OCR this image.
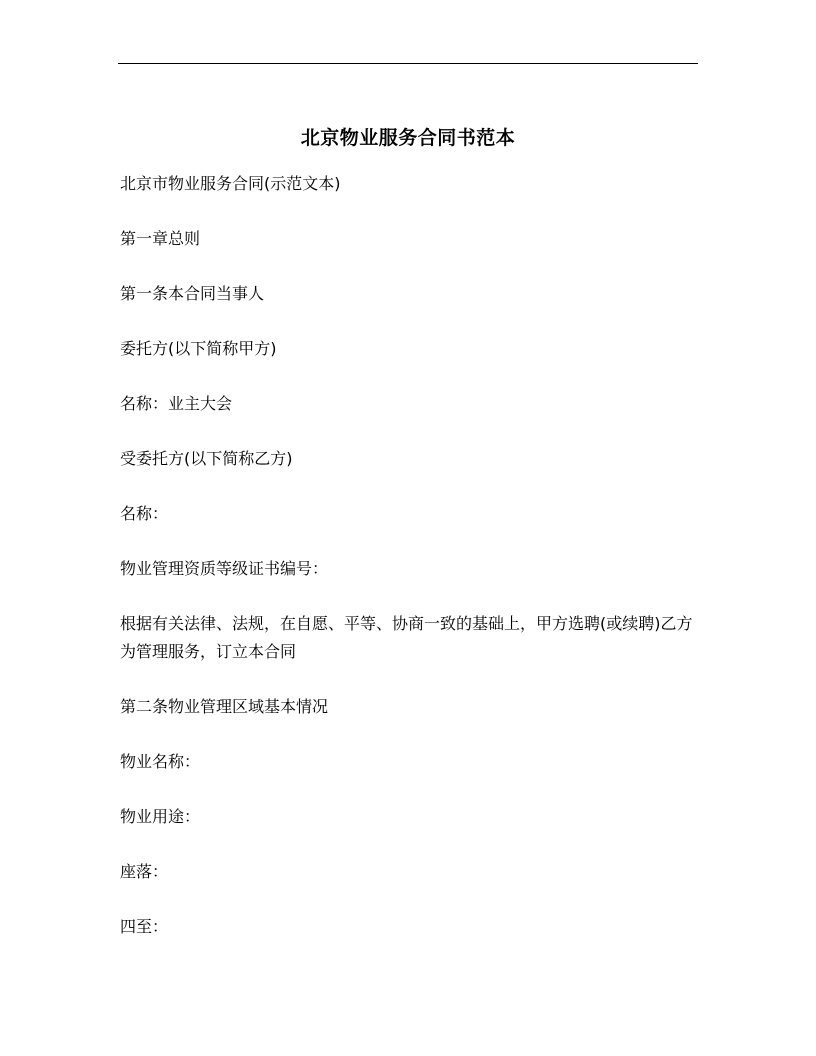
北京物业服务合同书范本

北京市物业服务合同(示范文本)

第一章总则

第一条本合同当事人

委托方(以下简称甲方)

名称：业主大会

受委托方(以下简称乙方)

名称：

物业管理资质等级证书编号：

根据有关法律、法规，在自愿、平等、协商一致的基础上，甲方选聘(或续聘)乙方为管理服务，订立本合同

第二条物业管理区域基本情况

物业名称：

物业用途：

座落：

四至：
